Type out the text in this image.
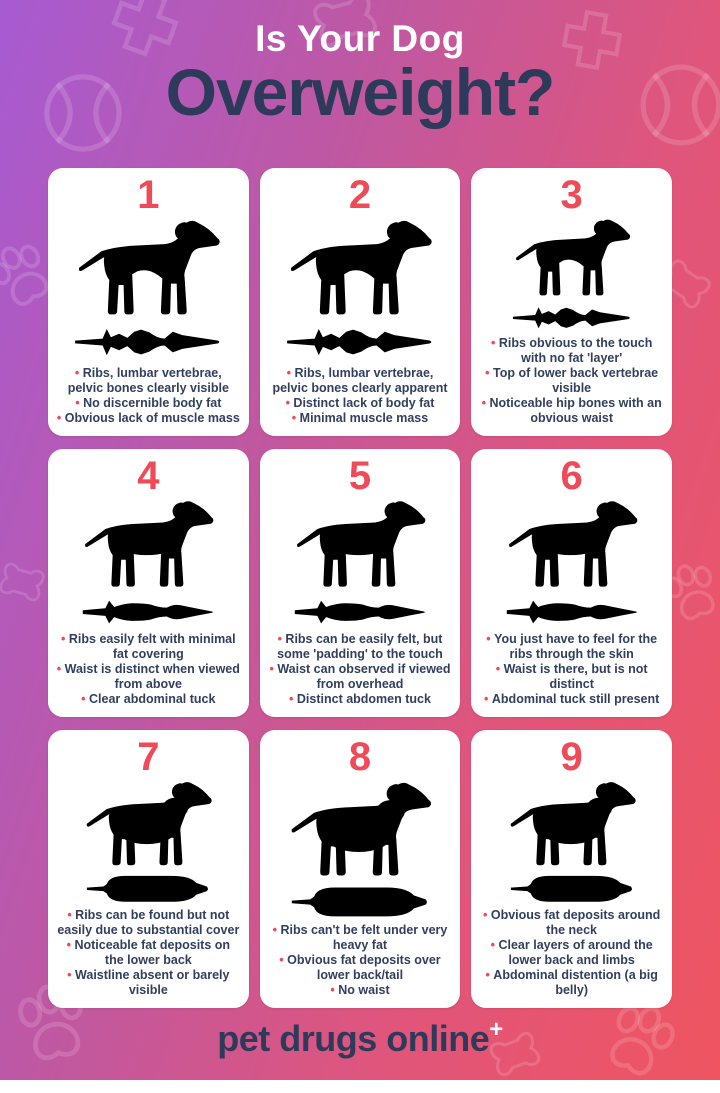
Is Your Dog
Overweight?
1
• Ribs, lumbar vertebrae, pelvic bones clearly visible
• No discernible body fat
• Obvious lack of muscle mass
2
• Ribs, lumbar vertebrae, pelvic bones clearly apparent
• Distinct lack of body fat
• Minimal muscle mass
3
• Ribs obvious to the touch with no fat 'layer'
• Top of lower back vertebrae visible
• Noticeable hip bones with an obvious waist
4
• Ribs easily felt with minimal fat covering
• Waist is distinct when viewed from above
• Clear abdominal tuck
5
• Ribs can be easily felt, but some 'padding' to the touch
• Waist can observed if viewed from overhead
• Distinct abdomen tuck
6
• You just have to feel for the ribs through the skin
• Waist is there, but is not distinct
• Abdominal tuck still present
7
• Ribs can be found but not easily due to substantial cover
• Noticeable fat deposits on the lower back
• Waistline absent or barely visible
8
• Ribs can't be felt under very heavy fat
• Obvious fat deposits over lower back/tail
• No waist
9
• Obvious fat deposits around the neck
• Clear layers of around the lower back and limbs
• Abdominal distention (a big belly)
pet drugs online+
